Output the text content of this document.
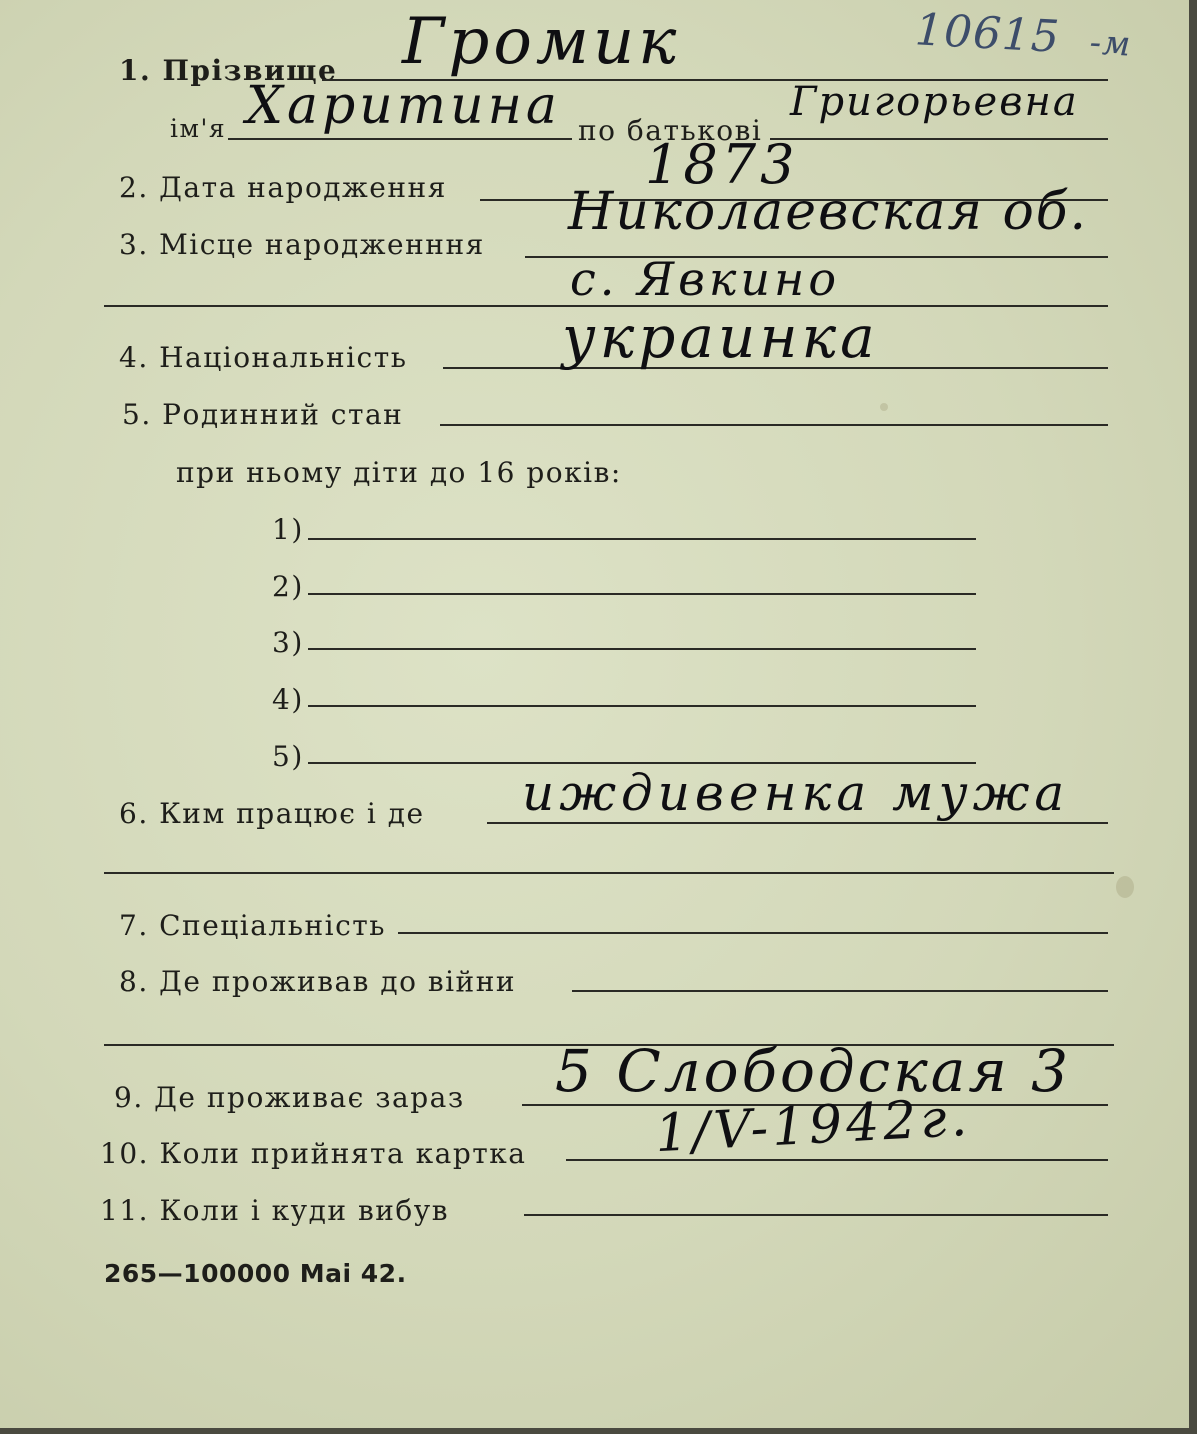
10615 -м
1. Прізвище Громик
ім'я Харитина по батькові
Григорьевна
2. Дата народження	1873
3. Місце народженння
Николаевская об.
с. Явкино
4. Національність	украинка
5. Родинний стан
при ньому діти до 16 років:
1)
2)
3)
4)
5)
6. Ким працює і де иждивенка мужа
7. Спеціальність
8. Де проживав до війни
9. Де проживає зараз 5 Слободская 3
10. Коли прийнята картка 1/V-1942г.
11. Коли і куди вибув
265—100000 Mai 42.
